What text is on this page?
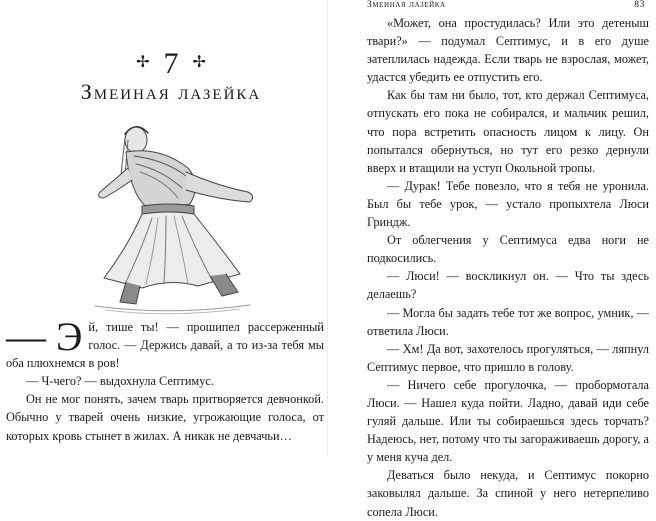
✢ 7 ✢
Змеиная лазейка

— Э й, тише ты! — прошипел рассерженный голос. — Держись давай, а то из-за тебя мы оба плюхнемся в ров!

— Ч-чего? — выдохнула Септимус.

Он не мог понять, зачем тварь притворяется девчонкой. Обычно у тварей очень низкие, угрожающие голоса, от которых кровь стынет в жилах. А никак не девчачьи…

Змеиная лазейка	83

«Может, она простудилась? Или это детеныш твари?» — подумал Септимус, и в его душе затеплилась надежда. Если тварь не взрослая, может, удастся убедить ее отпустить его.

Как бы там ни было, тот, кто держал Септимуса, отпускать его пока не собирался, и мальчик решил, что пора встретить опасность лицом к лицу. Он попытался обернуться, но тут его резко дернули вверх и втащили на уступ Окольной тропы.

— Дурак! Тебе повезло, что я тебя не уронила. Был бы тебе урок, — устало пропыхтела Люси Гриндж.

От облегчения у Септимуса едва ноги не подкосились.

— Люси! — воскликнул он. — Что ты здесь делаешь?

— Могла бы задать тебе тот же вопрос, умник, — ответила Люси.

— Хм! Да вот, захотелось прогуляться, — ляпнул Септимус первое, что пришло в голову.

— Ничего себе прогулочка, — пробормотала Люси. — Нашел куда пойти. Ладно, давай иди себе гуляй дальше. Или ты собираешься здесь торчать? Надеюсь, нет, потому что ты загораживаешь дорогу, а у меня куча дел.

Деваться было некуда, и Септимус покорно заковылял дальше. За спиной у него нетерпеливо сопела Люси.
